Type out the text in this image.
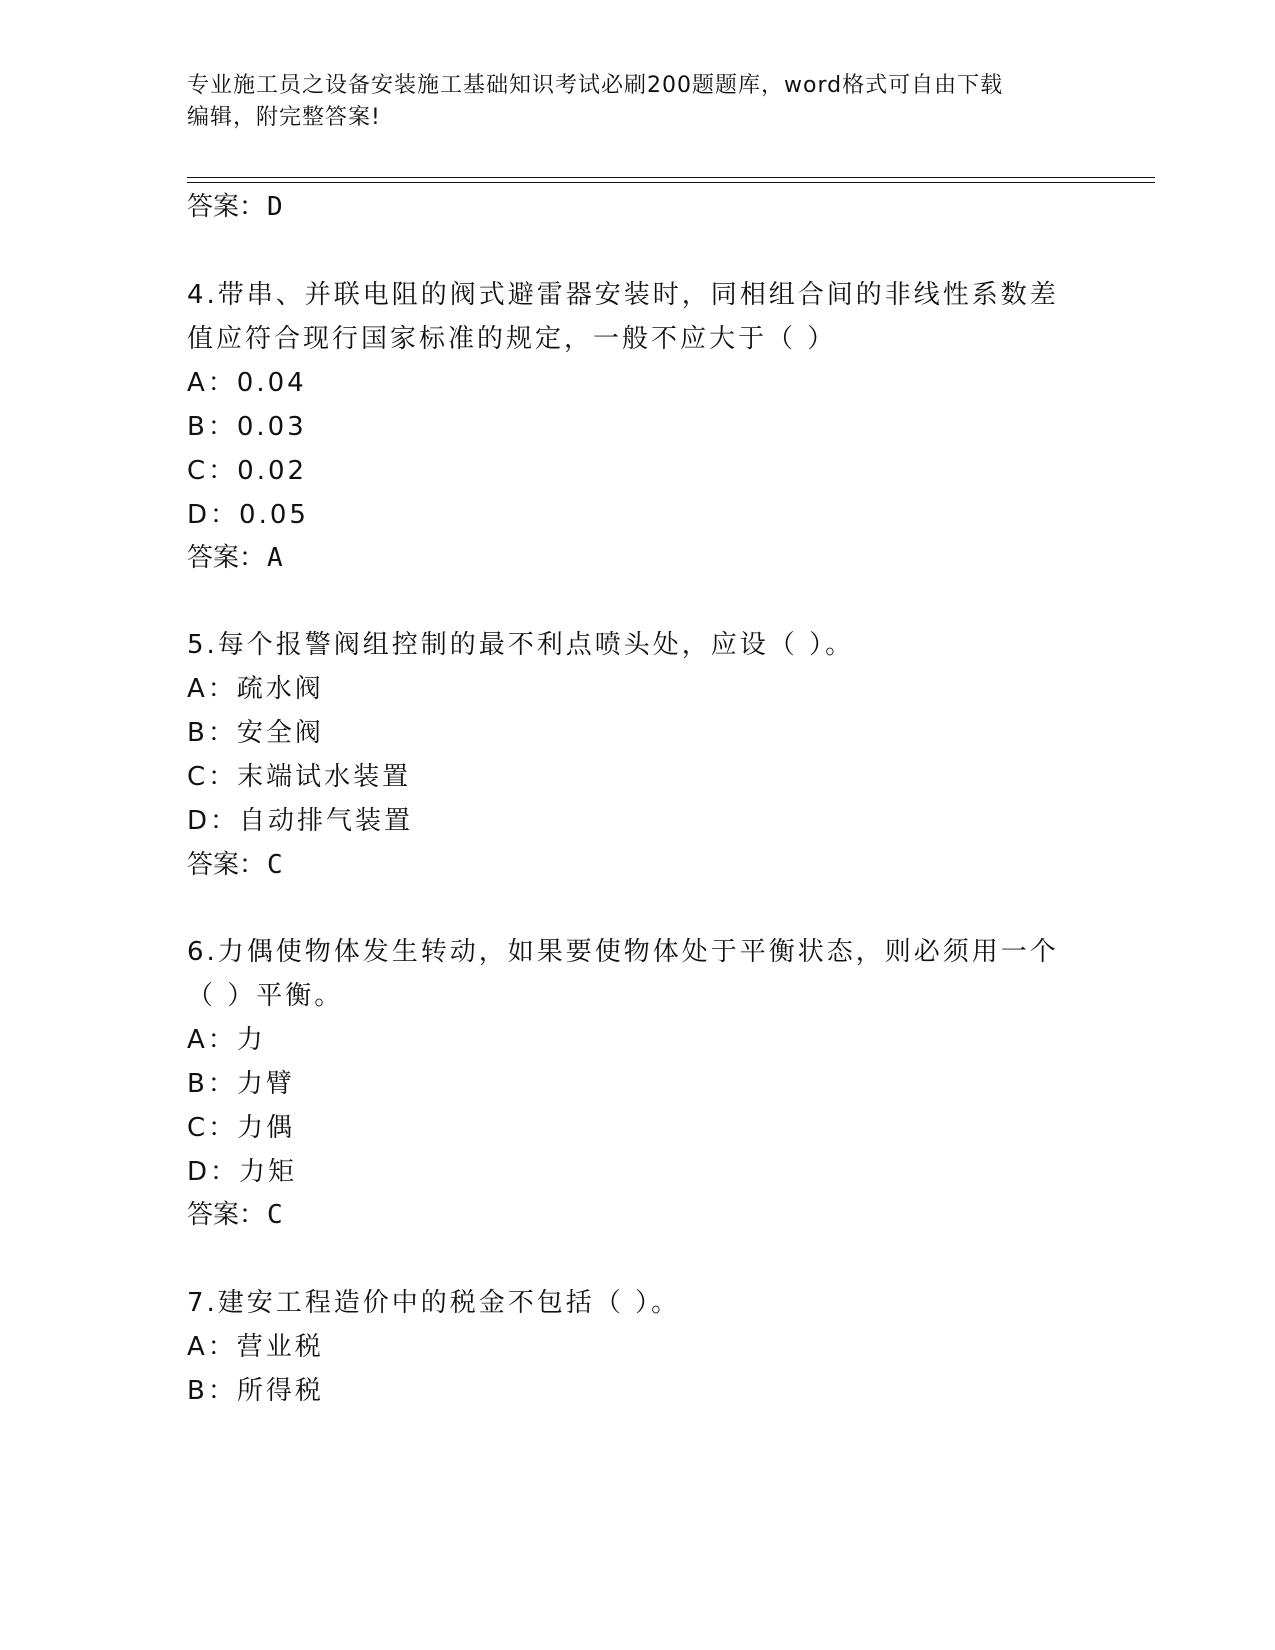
专业施工员之设备安装施工基础知识考试必刷200题题库，word格式可自由下载
编辑，附完整答案!
答案：D
4.带串、并联电阻的阀式避雷器安装时，同相组合间的非线性系数差
值应符合现行国家标准的规定，一般不应大于（ ）
A：0.04
B：0.03
C：0.02
D：0.05
答案：A
5.每个报警阀组控制的最不利点喷头处，应设（ ）。
A：疏水阀
B：安全阀
C：末端试水装置
D：自动排气装置
答案：C
6.力偶使物体发生转动，如果要使物体处于平衡状态，则必须用一个
（ ）平衡。
A：力
B：力臂
C：力偶
D：力矩
答案：C
7.建安工程造价中的税金不包括（ ）。
A：营业税
B：所得税
